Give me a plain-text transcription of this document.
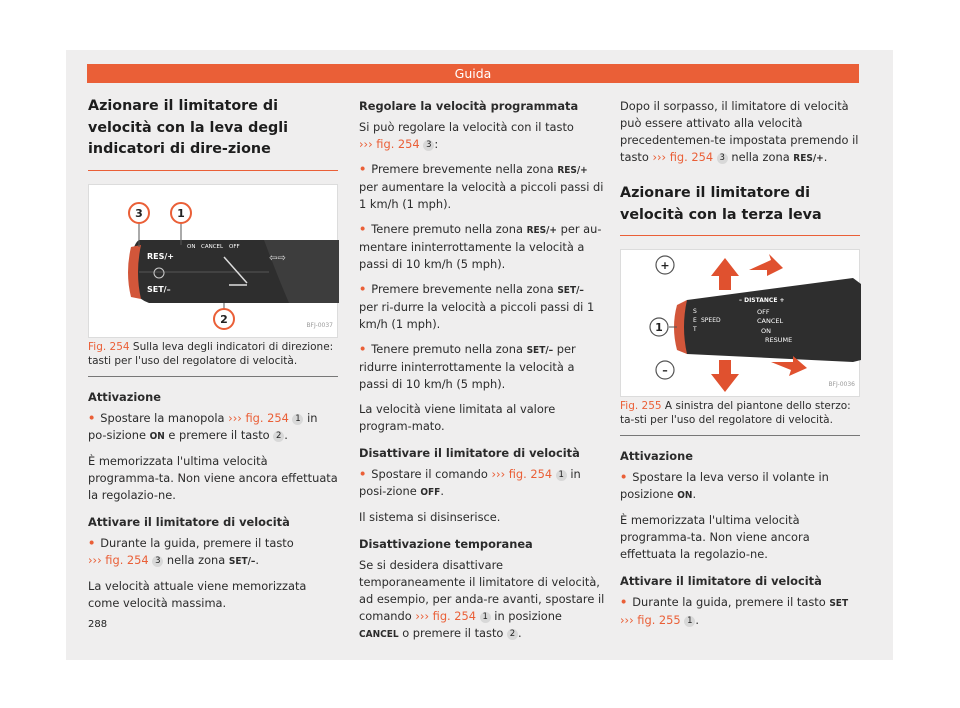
Guida
Azionare il limitatore di velocità con la leva degli indicatori di dire-zione
RES/+
SET/–
ON CANCEL OFF
⇦⇨
3	1
2	BFJ-0037
Fig. 254 Sulla leva degli indicatori di direzione: tasti per l'uso del regolatore di velocità.
Attivazione

• Spostare la manopola ››› fig. 254 1 in po-sizione ON e premere il tasto 2 .

È memorizzata l'ultima velocità programma-ta. Non viene ancora effettuata la regolazio-ne.

Attivare il limitatore di velocità

• Durante la guida, premere il tasto ››› fig. 254 3 nella zona SET/–.

La velocità attuale viene memorizzata come velocità massima.

Regolare la velocità programmata

Si può regolare la velocità con il tasto ››› fig. 254 3 :

• Premere brevemente nella zona RES/+ per aumentare la velocità a piccoli passi di 1 km/h (1 mph).

• Tenere premuto nella zona RES/+ per au-mentare ininterrottamente la velocità a passi di 10 km/h (5 mph).

• Premere brevemente nella zona SET/– per ri-durre la velocità a piccoli passi di 1 km/h (1 mph).

• Tenere premuto nella zona SET/– per ridurre ininterrottamente la velocità a passi di 10 km/h (5 mph).

La velocità viene limitata al valore program-mato.

Disattivare il limitatore di velocità

• Spostare il comando ››› fig. 254 1 in posi-zione OFF.

Il sistema si disinserisce.

Disattivazione temporanea

Se si desidera disattivare temporaneamente il limitatore di velocità, ad esempio, per anda-re avanti, spostare il comando ››› fig. 254 1 in posizione CANCEL o premere il tasto 2 .

Dopo il sorpasso, il limitatore di velocità può essere attivato alla velocità precedentemen-te impostata premendo il tasto ››› fig. 254 3 nella zona RES/+.

Azionare il limitatore di velocità con la terza leva
– DISTANCE +
S
E
T
SPEED
OFF
CANCEL
ON
RESUME
+
1
–
BFJ-0036
Fig. 255 A sinistra del piantone dello sterzo: ta-sti per l'uso del regolatore di velocità.
Attivazione

• Spostare la leva verso il volante in posizione ON.

È memorizzata l'ultima velocità programma-ta. Non viene ancora effettuata la regolazio-ne.

Attivare il limitatore di velocità

• Durante la guida, premere il tasto SET
››› fig. 255 1 .

288
